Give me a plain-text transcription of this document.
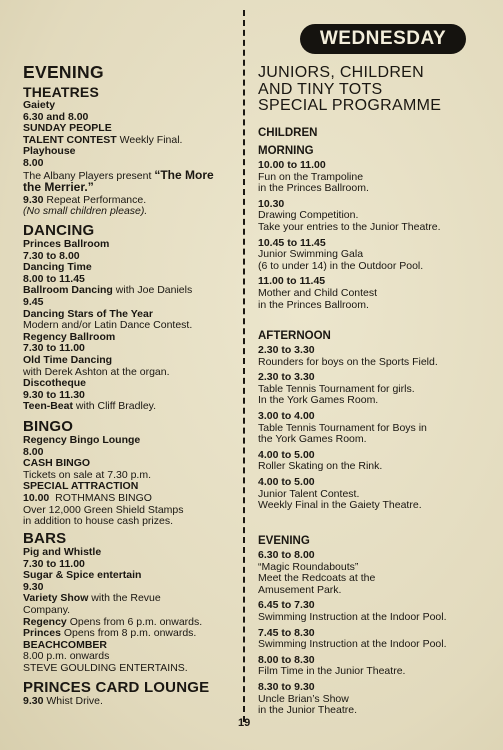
WEDNESDAY
EVENING
THEATRES
Gaiety
6.30 and 8.00
SUNDAY PEOPLE
TALENT CONTEST Weekly Final.
Playhouse
8.00
The Albany Players present “The More
the Merrier.”
9.30 Repeat Performance.
(No small children please).
DANCING
Princes Ballroom
7.30 to 8.00
Dancing Time
8.00 to 11.45
Ballroom Dancing with Joe Daniels
9.45
Dancing Stars of The Year
Modern and/or Latin Dance Contest.
Regency Ballroom
7.30 to 11.00
Old Time Dancing
with Derek Ashton at the organ.
Discotheque
9.30 to 11.30
Teen-Beat with Cliff Bradley.
BINGO
Regency Bingo Lounge
8.00
CASH BINGO
Tickets on sale at 7.30 p.m.
SPECIAL ATTRACTION
10.00  ROTHMANS BINGO
Over 12,000 Green Shield Stamps
in addition to house cash prizes.
BARS
Pig and Whistle
7.30 to 11.00
Sugar & Spice entertain
9.30
Variety Show with the Revue
Company.
Regency Opens from 6 p.m. onwards.
Princes Opens from 8 p.m. onwards.
BEACHCOMBER
8.00 p.m. onwards
STEVE GOULDING ENTERTAINS.
PRINCES CARD LOUNGE
9.30 Whist Drive.
JUNIORS, CHILDREN
AND TINY TOTS
SPECIAL PROGRAMME
CHILDREN
MORNING
10.00 to 11.00
Fun on the Trampoline
in the Princes Ballroom.
10.30
Drawing Competition.
Take your entries to the Junior Theatre.
10.45 to 11.45
Junior Swimming Gala
(6 to under 14) in the Outdoor Pool.
11.00 to 11.45
Mother and Child Contest
in the Princes Ballroom.
AFTERNOON
2.30 to 3.30
Rounders for boys on the Sports Field.
2.30 to 3.30
Table Tennis Tournament for girls.
In the York Games Room.
3.00 to 4.00
Table Tennis Tournament for Boys in
the York Games Room.
4.00 to 5.00
Roller Skating on the Rink.
4.00 to 5.00
Junior Talent Contest.
Weekly Final in the Gaiety Theatre.
EVENING
6.30 to 8.00
“Magic Roundabouts”
Meet the Redcoats at the
Amusement Park.
6.45 to 7.30
Swimming Instruction at the Indoor Pool.
7.45 to 8.30
Swimming Instruction at the Indoor Pool.
8.00 to 8.30
Film Time in the Junior Theatre.
8.30 to 9.30
Uncle Brian’s Show
in the Junior Theatre.
19
